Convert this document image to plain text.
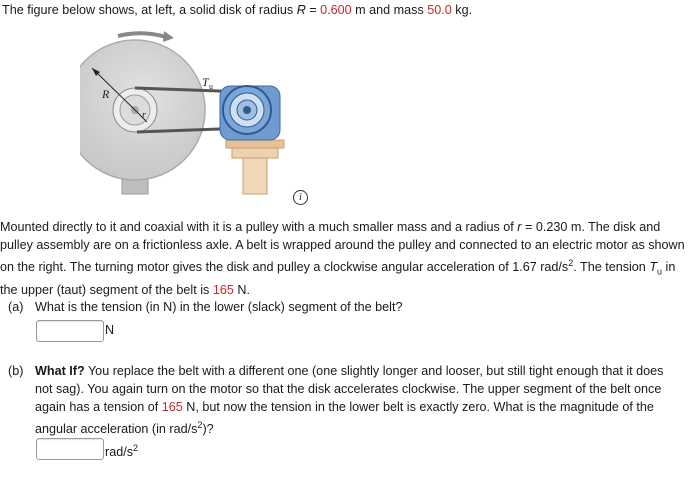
The figure below shows, at left, a solid disk of radius R = 0.600 m and mass 50.0 kg.
R
r
T u
i
Mounted directly to it and coaxial with it is a pulley with a much smaller mass and a radius of r = 0.230 m. The disk and
pulley assembly are on a frictionless axle. A belt is wrapped around the pulley and connected to an electric motor as shown
on the right. The turning motor gives the disk and pulley a clockwise angular acceleration of 1.67 rad/$s^2$. The tension $T_u$ in
the upper (taut) segment of the belt is 165 N.
(a) What is the tension (in N) in the lower (slack) segment of the belt?
N
(b) What If? You replace the belt with a different one (one slightly longer and looser, but still tight enough that it does
not sag). You again turn on the motor so that the disk accelerates clockwise. The upper segment of the belt once
again has a tension of 165 N, but now the tension in the lower belt is exactly zero. What is the magnitude of the
angular acceleration (in rad/$s^2$)?
rad/$s^2$
